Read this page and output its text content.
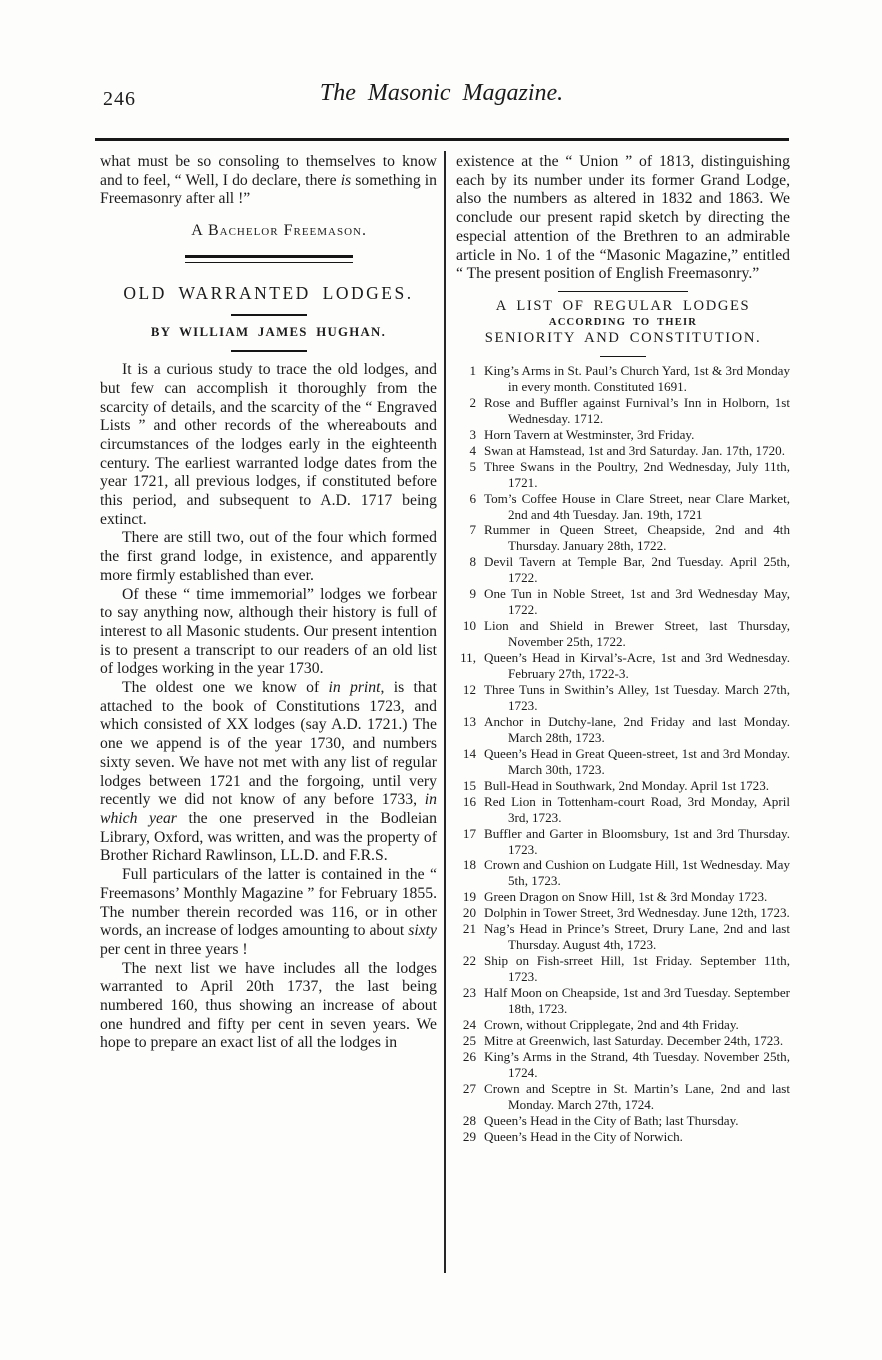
246	The Masonic Magazine.

what must be so consoling to themselves to know and to feel, “ Well, I do declare, there is something in Freemasonry after all !”

A Bachelor Freemason.

OLD WARRANTED LODGES.
BY WILLIAM JAMES HUGHAN.

It is a curious study to trace the old lodges, and but few can accomplish it thoroughly from the scarcity of details, and the scarcity of the “ Engraved Lists ” and other records of the whereabouts and circumstances of the lodges early in the eighteenth century. The earliest warranted lodge dates from the year 1721, all previous lodges, if constituted before this period, and subsequent to A.D. 1717 being extinct.

There are still two, out of the four which formed the first grand lodge, in existence, and apparently more firmly established than ever.

Of these “ time immemorial” lodges we forbear to say anything now, although their history is full of interest to all Masonic students. Our present intention is to present a transcript to our readers of an old list of lodges working in the year 1730.

The oldest one we know of in print, is that attached to the book of Constitutions 1723, and which consisted of XX lodges (say A.D. 1721.) The one we append is of the year 1730, and numbers sixty seven. We have not met with any list of regular lodges between 1721 and the forgoing, until very recently we did not know of any before 1733, in which year the one preserved in the Bodleian Library, Oxford, was written, and was the property of Brother Richard Rawlinson, LL.D. and F.R.S.

Full particulars of the latter is contained in the “ Freemasons’ Monthly Magazine ” for February 1855. The number therein recorded was 116, or in other words, an increase of lodges amounting to about sixty per cent in three years !

The next list we have includes all the lodges warranted to April 20th 1737, the last being numbered 160, thus showing an increase of about one hundred and fifty per cent in seven years. We hope to prepare an exact list of all the lodges in

existence at the “ Union ” of 1813, distinguishing each by its number under its former Grand Lodge, also the numbers as altered in 1832 and 1863. We conclude our present rapid sketch by directing the especial attention of the Brethren to an admirable article in No. 1 of the “Masonic Magazine,” entitled “ The present position of English Freemasonry.”

A LIST OF REGULAR LODGES
ACCORDING TO THEIR
SENIORITY AND CONSTITUTION.
1 King’s Arms in St. Paul’s Church Yard, 1st & 3rd Monday in every month. Constituted 1691.
2 Rose and Buffler against Furnival’s Inn in Holborn, 1st Wednesday. 1712.
3 Horn Tavern at Westminster, 3rd Friday.
4 Swan at Hamstead, 1st and 3rd Saturday. Jan. 17th, 1720.
5 Three Swans in the Poultry, 2nd Wednesday, July 11th, 1721.
6 Tom’s Coffee House in Clare Street, near Clare Market, 2nd and 4th Tuesday. Jan. 19th, 1721
7 Rummer in Queen Street, Cheapside, 2nd and 4th Thursday. January 28th, 1722.
8 Devil Tavern at Temple Bar, 2nd Tuesday. April 25th, 1722.
9 One Tun in Noble Street, 1st and 3rd Wednesday May, 1722.
10 Lion and Shield in Brewer Street, last Thursday, November 25th, 1722.
11, Queen’s Head in Kirval’s-Acre, 1st and 3rd Wednesday. February 27th, 1722-3.
12 Three Tuns in Swithin’s Alley, 1st Tuesday. March 27th, 1723.
13 Anchor in Dutchy-lane, 2nd Friday and last Monday. March 28th, 1723.
14 Queen’s Head in Great Queen-street, 1st and 3rd Monday. March 30th, 1723.
15 Bull-Head in Southwark, 2nd Monday. April 1st 1723.
16 Red Lion in Tottenham-court Road, 3rd Monday, April 3rd, 1723.
17 Buffler and Garter in Bloomsbury, 1st and 3rd Thursday. 1723.
18 Crown and Cushion on Ludgate Hill, 1st Wednesday. May 5th, 1723.
19 Green Dragon on Snow Hill, 1st & 3rd Monday 1723.
20 Dolphin in Tower Street, 3rd Wednesday. June 12th, 1723.
21 Nag’s Head in Prince’s Street, Drury Lane, 2nd and last Thursday. August 4th, 1723.
22 Ship on Fish-srreet Hill, 1st Friday. September 11th, 1723.
23 Half Moon on Cheapside, 1st and 3rd Tuesday. September 18th, 1723.
24 Crown, without Cripplegate, 2nd and 4th Friday.
25 Mitre at Greenwich, last Saturday. December 24th, 1723.
26 King’s Arms in the Strand, 4th Tuesday. November 25th, 1724.
27 Crown and Sceptre in St. Martin’s Lane, 2nd and last Monday. March 27th, 1724.
28 Queen’s Head in the City of Bath; last Thursday.
29 Queen’s Head in the City of Norwich.
